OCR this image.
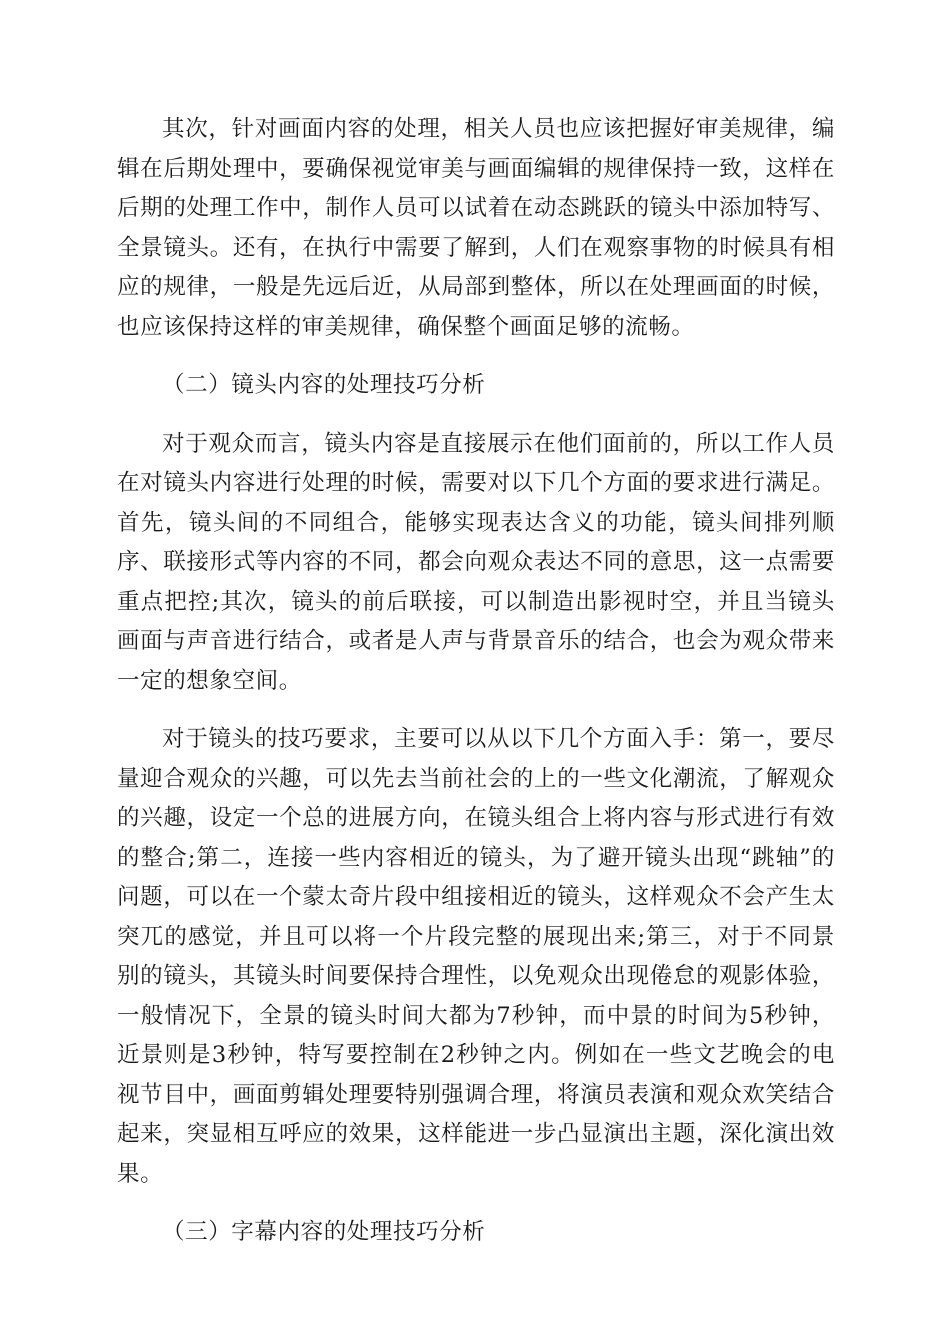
其次，针对画面内容的处理，相关人员也应该把握好审美规律，编辑在后期处理中，要确保视觉审美与画面编辑的规律保持一致，这样在后期的处理工作中，制作人员可以试着在动态跳跃的镜头中添加特写、全景镜头。还有，在执行中需要了解到，人们在观察事物的时候具有相应的规律，一般是先远后近，从局部到整体，所以在处理画面的时候，也应该保持这样的审美规律，确保整个画面足够的流畅。

（二）镜头内容的处理技巧分析

对于观众而言，镜头内容是直接展示在他们面前的，所以工作人员在对镜头内容进行处理的时候，需要对以下几个方面的要求进行满足。首先，镜头间的不同组合，能够实现表达含义的功能，镜头间排列顺序、联接形式等内容的不同，都会向观众表达不同的意思，这一点需要重点把控;其次，镜头的前后联接，可以制造出影视时空，并且当镜头画面与声音进行结合，或者是人声与背景音乐的结合，也会为观众带来一定的想象空间。

对于镜头的技巧要求，主要可以从以下几个方面入手：第一，要尽量迎合观众的兴趣，可以先去当前社会的上的一些文化潮流，了解观众的兴趣，设定一个总的进展方向，在镜头组合上将内容与形式进行有效的整合;第二，连接一些内容相近的镜头，为了避开镜头出现“跳轴”的问题，可以在一个蒙太奇片段中组接相近的镜头，这样观众不会产生太突兀的感觉，并且可以将一个片段完整的展现出来;第三，对于不同景别的镜头，其镜头时间要保持合理性，以免观众出现倦怠的观影体验，一般情况下，全景的镜头时间大都为7秒钟，而中景的时间为5秒钟，近景则是3秒钟，特写要控制在2秒钟之内。例如在一些文艺晚会的电视节目中，画面剪辑处理要特别强调合理，将演员表演和观众欢笑结合起来，突显相互呼应的效果，这样能进一步凸显演出主题，深化演出效果。

（三）字幕内容的处理技巧分析
